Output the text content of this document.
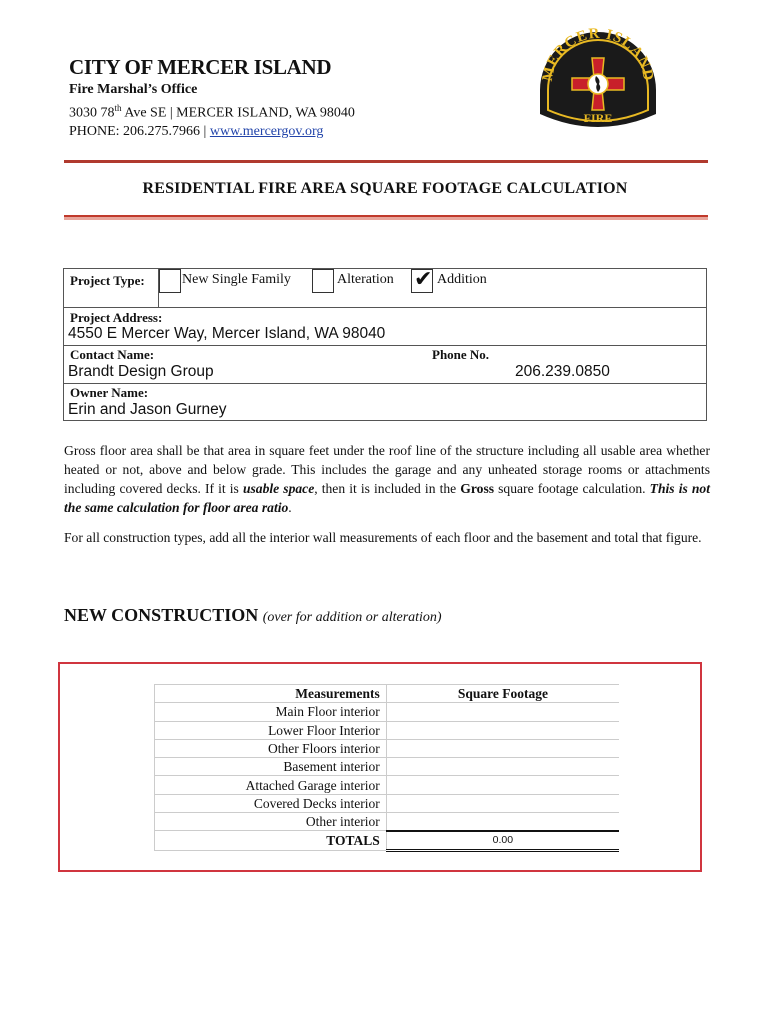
CITY OF MERCER ISLAND
Fire Marshal’s Office
3030 78th Ave SE | MERCER ISLAND, WA 98040
PHONE: 206.275.7966 | www.mercergov.org
MERCER ISLAND
FIRE
RESIDENTIAL FIRE AREA SQUARE FOOTAGE CALCULATION
Project Type:	New Single Family	Alteration ✔ Addition
Project Address:
4550 E Mercer Way, Mercer Island, WA 98040
Contact Name:	Phone No.
Brandt Design Group	206.239.0850
Owner Name:
Erin and Jason Gurney
Gross floor area shall be that area in square feet under the roof line of the structure including all usable area whether heated or not, above and below grade. This includes the garage and any unheated storage rooms or attachments including covered decks. If it is usable space, then it is included in the Gross square footage calculation. This is not the same calculation for floor area ratio.
For all construction types, add all the interior wall measurements of each floor and the basement and total that figure.
NEW CONSTRUCTION (over for addition or alteration)
Measurements	Square Footage
Main Floor interior	
Lower Floor Interior	
Other Floors interior	
Basement interior	
Attached Garage interior	
Covered Decks interior	
Other interior	
TOTALS	0.00
